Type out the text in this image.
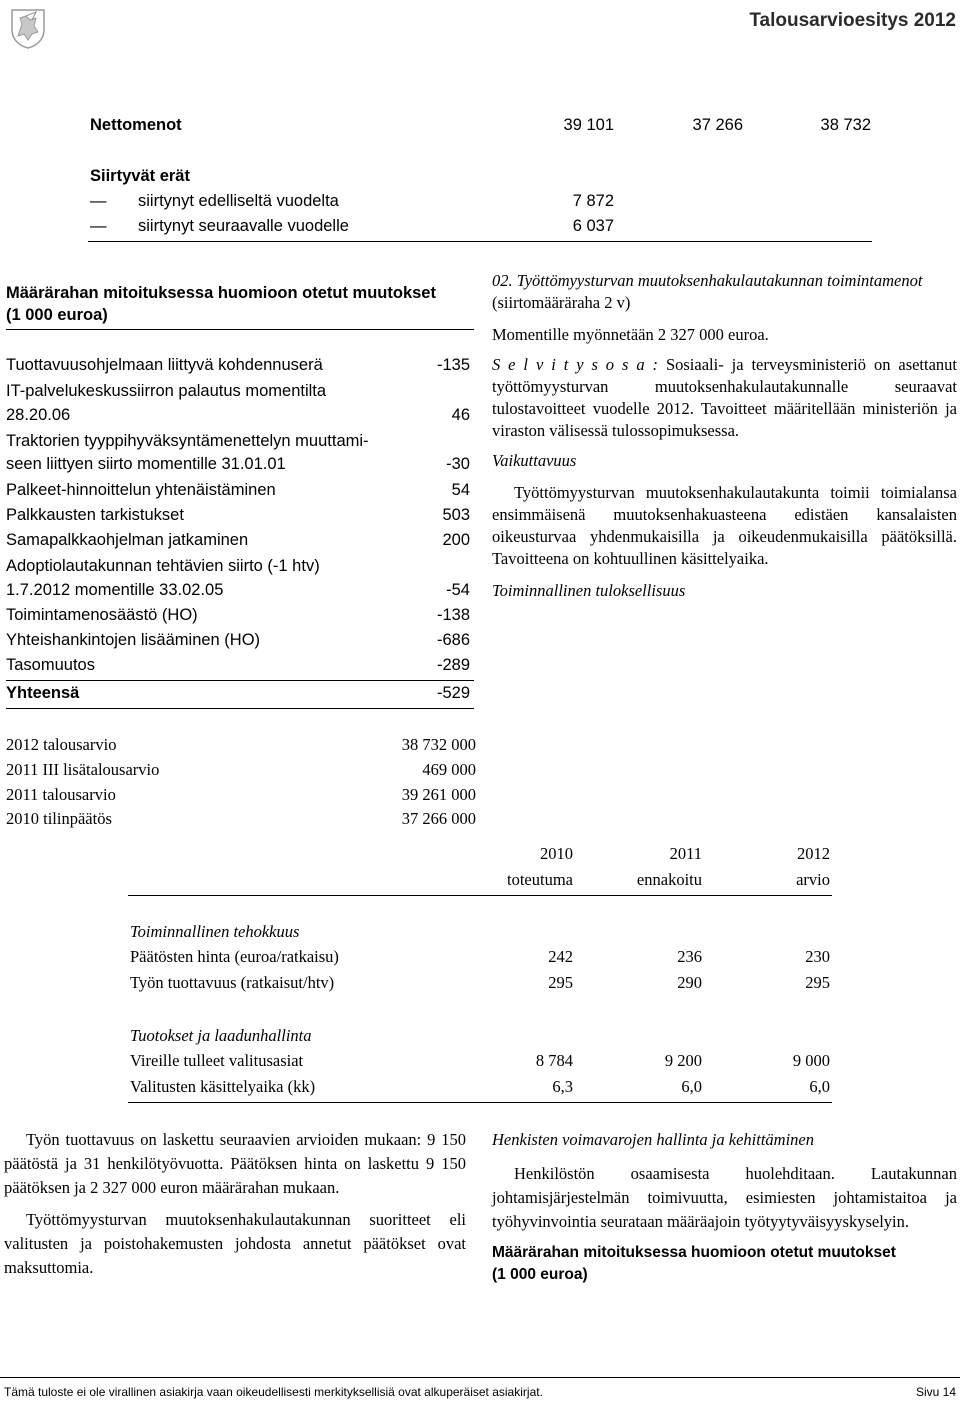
Talousarvioesitys 2012
Nettomenot	39 101	37 266	38 732
Siirtyvät erät
— siirtynyt edelliseltä vuodelta	7 872
— siirtynyt seuraavalle vuodelle	6 037
Määrärahan mitoituksessa huomioon otetut muutokset
(1 000 euroa)
Tuottavuusohjelmaan liittyvä kohdennuserä	-135
IT-palvelukeskussiirron palautus momentilta
28.20.06	46
Traktorien tyyppihyväksyntämenettelyn muuttami-
seen liittyen siirto momentille 31.01.01	-30
Palkeet-hinnoittelun yhtenäistäminen	54
Palkkausten tarkistukset	503
Samapalkkaohjelman jatkaminen	200
Adoptiolautakunnan tehtävien siirto (-1 htv)
1.7.2012 momentille 33.02.05	-54
Toimintamenosäästö (HO)	-138
Yhteishankintojen lisääminen (HO)	-686
Tasomuutos	-289
Yhteensä	-529
2012 talousarvio	38 732 000
2011 III lisätalousarvio	469 000
2011 talousarvio	39 261 000
2010 tilinpäätös	37 266 000

02. Työttömyysturvan muutoksenhakulautakunnan toimintamenot (siirtomääräraha 2 v)

Momentille myönnetään 2 327 000 euroa.

S e l v i t y s o s a : Sosiaali- ja terveysministeriö on asettanut työttömyysturvan muutoksenhakulautakunnalle seuraavat tulostavoitteet vuodelle 2012. Tavoitteet määritellään ministeriön ja viraston välisessä tulossopimuksessa.

Vaikuttavuus

Työttömyysturvan muutoksenhakulautakunta toimii toimialansa ensimmäisenä muutoksenhakuasteena edistäen kansalaisten oikeusturvaa yhdenmukaisilla ja oikeudenmukaisilla päätöksillä. Tavoitteena on kohtuullinen käsittelyaika.

Toiminnallinen tuloksellisuus

2010	2011	2012
toteutuma	ennakoitu	arvio
Toiminnallinen tehokkuus
Päätösten hinta (euroa/ratkaisu)	242	236	230
Työn tuottavuus (ratkaisut/htv)	295	290	295
Tuotokset ja laadunhallinta
Vireille tulleet valitusasiat	8 784	9 200	9 000
Valitusten käsittelyaika (kk)	6,3	6,0	6,0

Työn tuottavuus on laskettu seuraavien arvioiden mukaan: 9 150 päätöstä ja 31 henkilötyövuotta. Päätöksen hinta on laskettu 9 150 päätöksen ja 2 327 000 euron määrärahan mukaan.

Työttömyysturvan muutoksenhakulautakunnan suoritteet eli valitusten ja poistohakemusten johdosta annetut päätökset ovat maksuttomia.

Henkisten voimavarojen hallinta ja kehittäminen

Henkilöstön osaamisesta huolehditaan. Lautakunnan johtamisjärjestelmän toimivuutta, esimiesten johtamistaitoa ja työhyvinvointia seurataan määräajoin työtyytyväisyyskyselyin.

Määrärahan mitoituksessa huomioon otetut muutokset
(1 000 euroa)
Tämä tuloste ei ole virallinen asiakirja vaan oikeudellisesti merkityksellisiä ovat alkuperäiset asiakirjat.	Sivu 14
